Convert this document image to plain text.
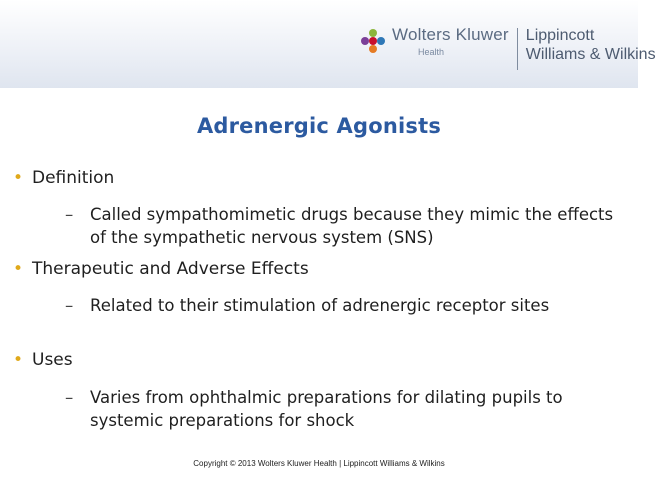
Wolters Kluwer
Health
Lippincott
Williams & Wilkins
Adrenergic Agonists
• Definition
– Called sympathomimetic drugs because they mimic the effects of the sympathetic nervous system (SNS)
• Therapeutic and Adverse Effects
– Related to their stimulation of adrenergic receptor sites
• Uses
– Varies from ophthalmic preparations for dilating pupils to systemic preparations for shock
Copyright © 2013 Wolters Kluwer Health | Lippincott Williams & Wilkins
